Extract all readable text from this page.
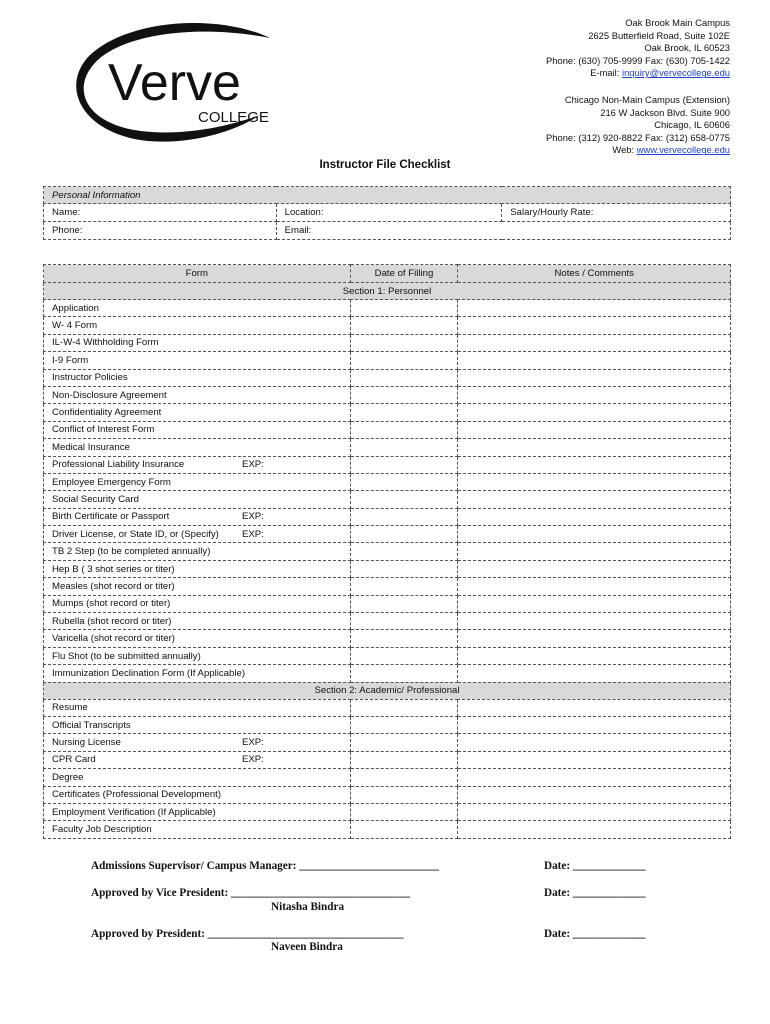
Verve
COLLEGE
Oak Brook Main Campus
2625 Butterfield Road, Suite 102E
Oak Brook, IL 60523
Phone: (630) 705-9999 Fax: (630) 705-1422
E-mail: inquiry@vervecollege.edu
Chicago Non-Main Campus (Extension)
216 W Jackson Blvd. Suite 900
Chicago, IL 60606
Phone: (312) 920-8822 Fax: (312) 658-0775
Web: www.vervecollege.edu
Instructor File Checklist
Personal Information		
Name:	Location:	Salary/Hourly Rate:
Phone:	Email:	
Form	Date of Filling	Notes / Comments
Section 1: Personnel		
Application		
W- 4 Form		
IL-W-4 Withholding Form		
I-9 Form		
Instructor Policies		
Non-Disclosure Agreement		
Confidentiality Agreement		
Conflict of Interest Form		
Medical Insurance		
Professional Liability Insurance EXP:		

Employee Emergency Form		
Social Security Card		
Birth Certificate or Passport EXP:		

Driver License, or State ID, or (Specify) EXP:		

TB 2 Step (to be completed annually)		
Hep B ( 3 shot series or titer)		
Measles (shot record or titer)		
Mumps (shot record or titer)		
Rubella (shot record or titer)		
Varicella (shot record or titer)		
Flu Shot (to be submitted annually)		
Immunization Declination Form (If Applicable)		
Section 2: Academic/ Professional		
Resume		
Official Transcripts		
Nursing License EXP:		

CPR Card EXP:		

Degree		
Certificates (Professional Development)		
Employment Verification (If Applicable)		
Faculty Job Description		
Admissions Supervisor/ Campus Manager: _________________________	Date: _____________
Approved by Vice President: ________________________________
Nitasha Bindra
Date: _____________
Approved by President: ___________________________________
Naveen Bindra
Date: _____________
